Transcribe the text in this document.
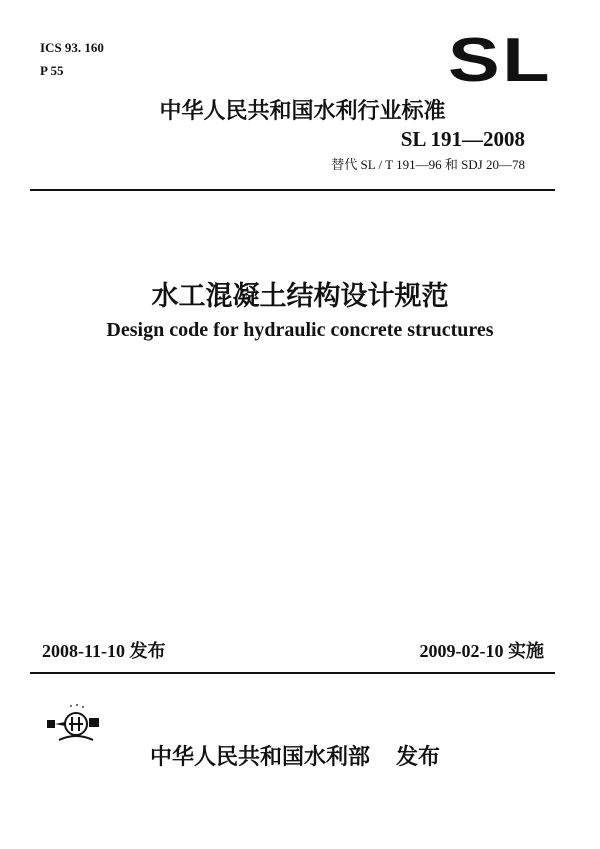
ICS 93. 160
P 55	SL
中华人民共和国水利行业标准
SL 191—2008
替代 SL / T 191—96 和 SDJ 20—78
水工混凝土结构设计规范
Design code for hydraulic concrete structures
2008-11-10 发布	2009-02-10 实施
中华人民共和国水利部 发布
